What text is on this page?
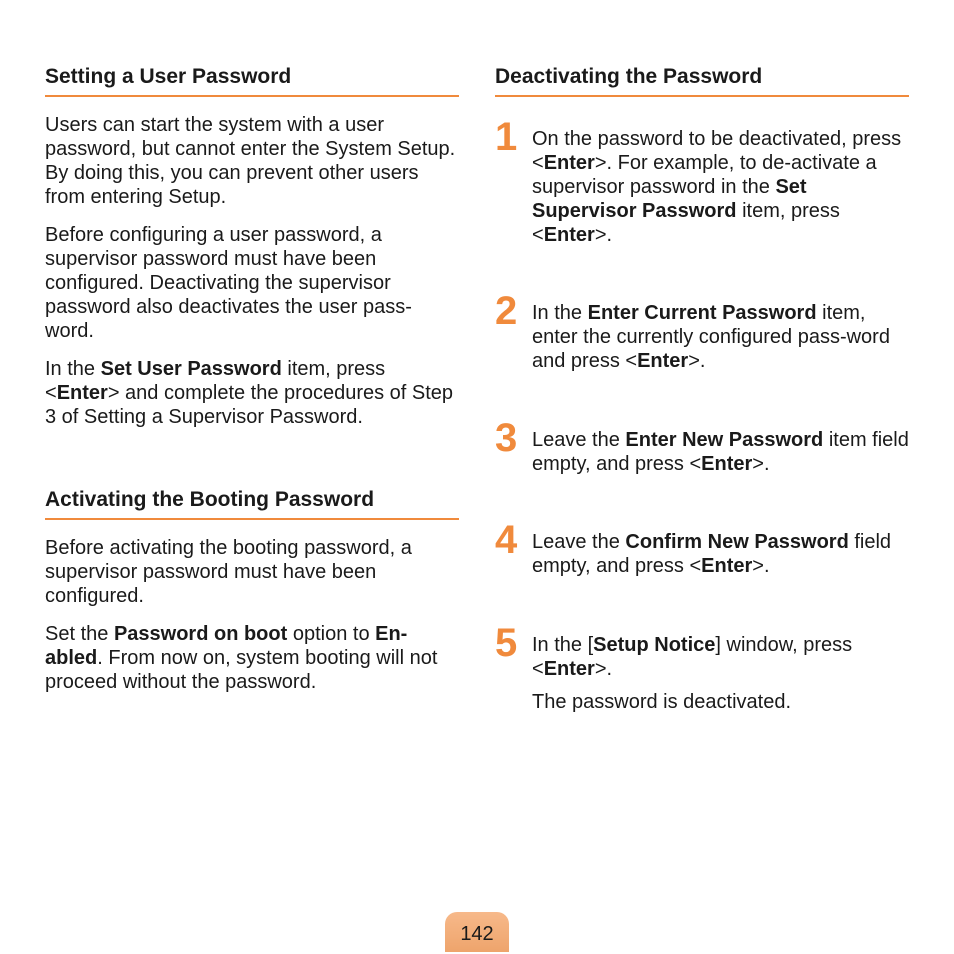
Setting a User Password

Users can start the system with a user password, but cannot enter the System Setup. By doing this, you can prevent other users from entering Setup.

Before configuring a user password, a supervisor password must have been configured. Deactivating the supervisor password also deactivates the user pass-word.

In the Set User Password item, press <Enter> and complete the procedures of Step 3 of Setting a Supervisor Password.

Activating the Booting Password

Before activating the booting password, a supervisor password must have been configured.

Set the Password on boot option to En-abled. From now on, system booting will not proceed without the password.

Deactivating the Password
1 On the password to be deactivated, press <Enter>. For example, to de-activate a supervisor password in the Set Supervisor Password item, press <Enter>.

2 In the Enter Current Password item, enter the currently configured pass-word and press <Enter>.

3 Leave the Enter New Password item field empty, and press <Enter>.

4 Leave the Confirm New Password field empty, and press <Enter>.

5 In the [Setup Notice] window, press <Enter>.

The password is deactivated.

142
